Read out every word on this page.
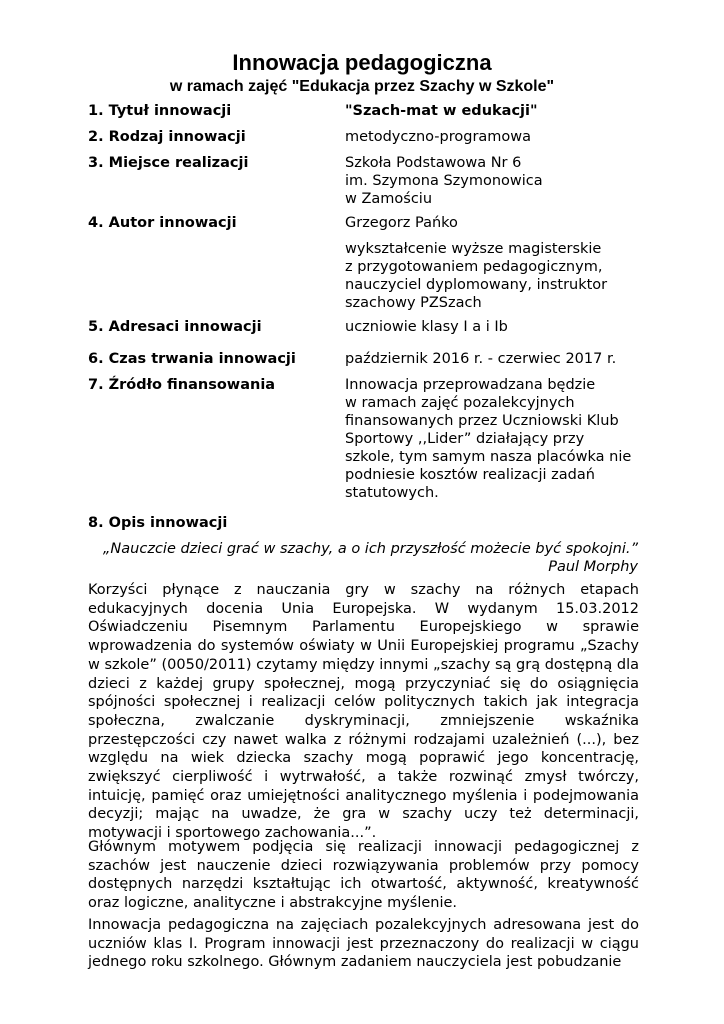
Innowacja pedagogiczna
w ramach zajęć "Edukacja przez Szachy w Szkole"
1. Tytuł innowacji	"Szach-mat w edukacji"
2. Rodzaj innowacji	metodyczno-programowa
3. Miejsce realizacji	Szkoła Podstawowa Nr 6
im. Szymona Szymonowica
w Zamościu
4. Autor innowacji	Grzegorz Pańko
wykształcenie wyższe magisterskie
z przygotowaniem pedagogicznym,
nauczyciel dyplomowany, instruktor
szachowy PZSzach
5. Adresaci innowacji	uczniowie klasy I a i Ib
6. Czas trwania innowacji	październik 2016 r. - czerwiec 2017 r.
7. Źródło finansowania	Innowacja przeprowadzana będzie
w ramach zajęć pozalekcyjnych
finansowanych przez Uczniowski Klub
Sportowy ,,Lider” działający przy
szkole, tym samym nasza placówka nie
podniesie kosztów realizacji zadań
statutowych.
8. Opis innowacji
„Nauczcie dzieci grać w szachy, a o ich przyszłość możecie być spokojni.”
Paul Morphy
Korzyści płynące z nauczania gry w szachy na różnych etapach edukacyjnych docenia Unia Europejska. W wydanym 15.03.2012 Oświadczeniu Pisemnym Parlamentu Europejskiego w sprawie wprowadzenia do systemów oświaty w Unii Europejskiej programu „Szachy w szkole” (0050/2011) czytamy między innymi „szachy są grą dostępną dla dzieci z każdej grupy społecznej, mogą przyczyniać się do osiągnięcia spójności społecznej i realizacji celów politycznych takich jak integracja społeczna, zwalczanie dyskryminacji, zmniejszenie wskaźnika przestępczości czy nawet walka z różnymi rodzajami uzależnień (...), bez względu na wiek dziecka szachy mogą poprawić jego koncentrację, zwiększyć cierpliwość i wytrwałość, a także rozwinąć zmysł twórczy, intuicję, pamięć oraz umiejętności analitycznego myślenia i podejmowania decyzji; mając na uwadze, że gra w szachy uczy też determinacji, motywacji i sportowego zachowania...”.
Głównym motywem podjęcia się realizacji innowacji pedagogicznej z szachów jest nauczenie dzieci rozwiązywania problemów przy pomocy dostępnych narzędzi kształtując ich otwartość, aktywność, kreatywność oraz logiczne, analityczne i abstrakcyjne myślenie.
Innowacja pedagogiczna na zajęciach pozalekcyjnych adresowana jest do uczniów klas I. Program innowacji jest przeznaczony do realizacji w ciągu jednego roku szkolnego. Głównym zadaniem nauczyciela jest pobudzanie
